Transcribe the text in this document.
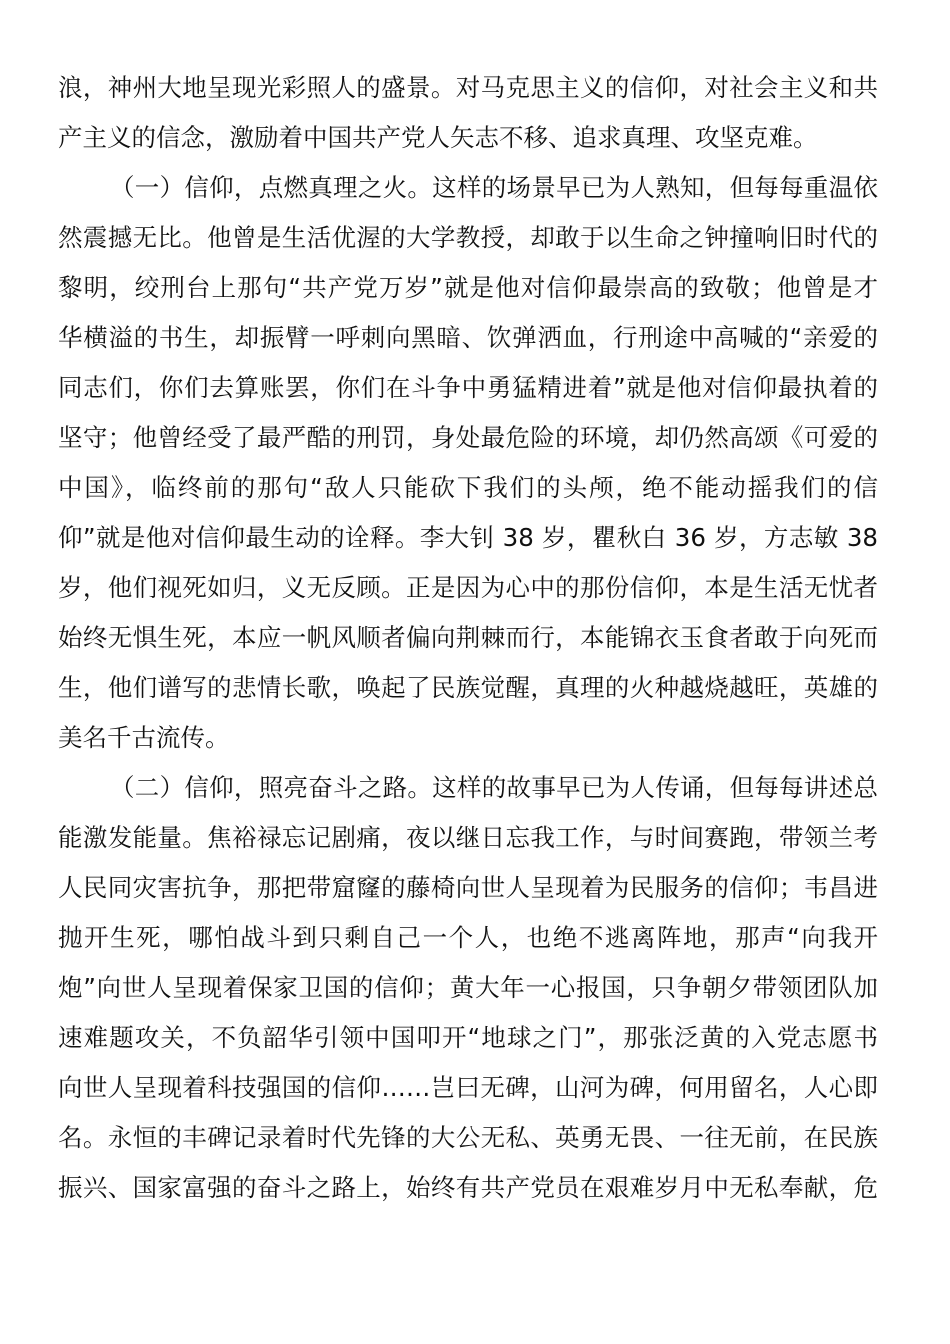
浪，神州大地呈现光彩照人的盛景。对马克思主义的信仰，对社会主义和共
产主义的信念，激励着中国共产党人矢志不移、追求真理、攻坚克难。
（一）信仰，点燃真理之火。这样的场景早已为人熟知，但每每重温依
然震撼无比。他曾是生活优渥的大学教授，却敢于以生命之钟撞响旧时代的
黎明，绞刑台上那句“共产党万岁”就是他对信仰最崇高的致敬；他曾是才
华横溢的书生，却振臂一呼刺向黑暗、饮弹洒血，行刑途中高喊的“亲爱的
同志们，你们去算账罢，你们在斗争中勇猛精进着”就是他对信仰最执着的
坚守；他曾经受了最严酷的刑罚，身处最危险的环境，却仍然高颂《可爱的
中国》，临终前的那句“敌人只能砍下我们的头颅，绝不能动摇我们的信
仰”就是他对信仰最生动的诠释。李大钊 38 岁，瞿秋白 36 岁，方志敏 38
岁，他们视死如归，义无反顾。正是因为心中的那份信仰，本是生活无忧者
始终无惧生死，本应一帆风顺者偏向荆棘而行，本能锦衣玉食者敢于向死而
生，他们谱写的悲情长歌，唤起了民族觉醒，真理的火种越烧越旺，英雄的
美名千古流传。
（二）信仰，照亮奋斗之路。这样的故事早已为人传诵，但每每讲述总
能激发能量。焦裕禄忘记剧痛，夜以继日忘我工作，与时间赛跑，带领兰考
人民同灾害抗争，那把带窟窿的藤椅向世人呈现着为民服务的信仰；韦昌进
抛开生死，哪怕战斗到只剩自己一个人，也绝不逃离阵地，那声“向我开
炮”向世人呈现着保家卫国的信仰；黄大年一心报国，只争朝夕带领团队加
速难题攻关，不负韶华引领中国叩开“地球之门”，那张泛黄的入党志愿书
向世人呈现着科技强国的信仰……岂曰无碑，山河为碑，何用留名，人心即
名。永恒的丰碑记录着时代先锋的大公无私、英勇无畏、一往无前，在民族
振兴、国家富强的奋斗之路上，始终有共产党员在艰难岁月中无私奉献，危
